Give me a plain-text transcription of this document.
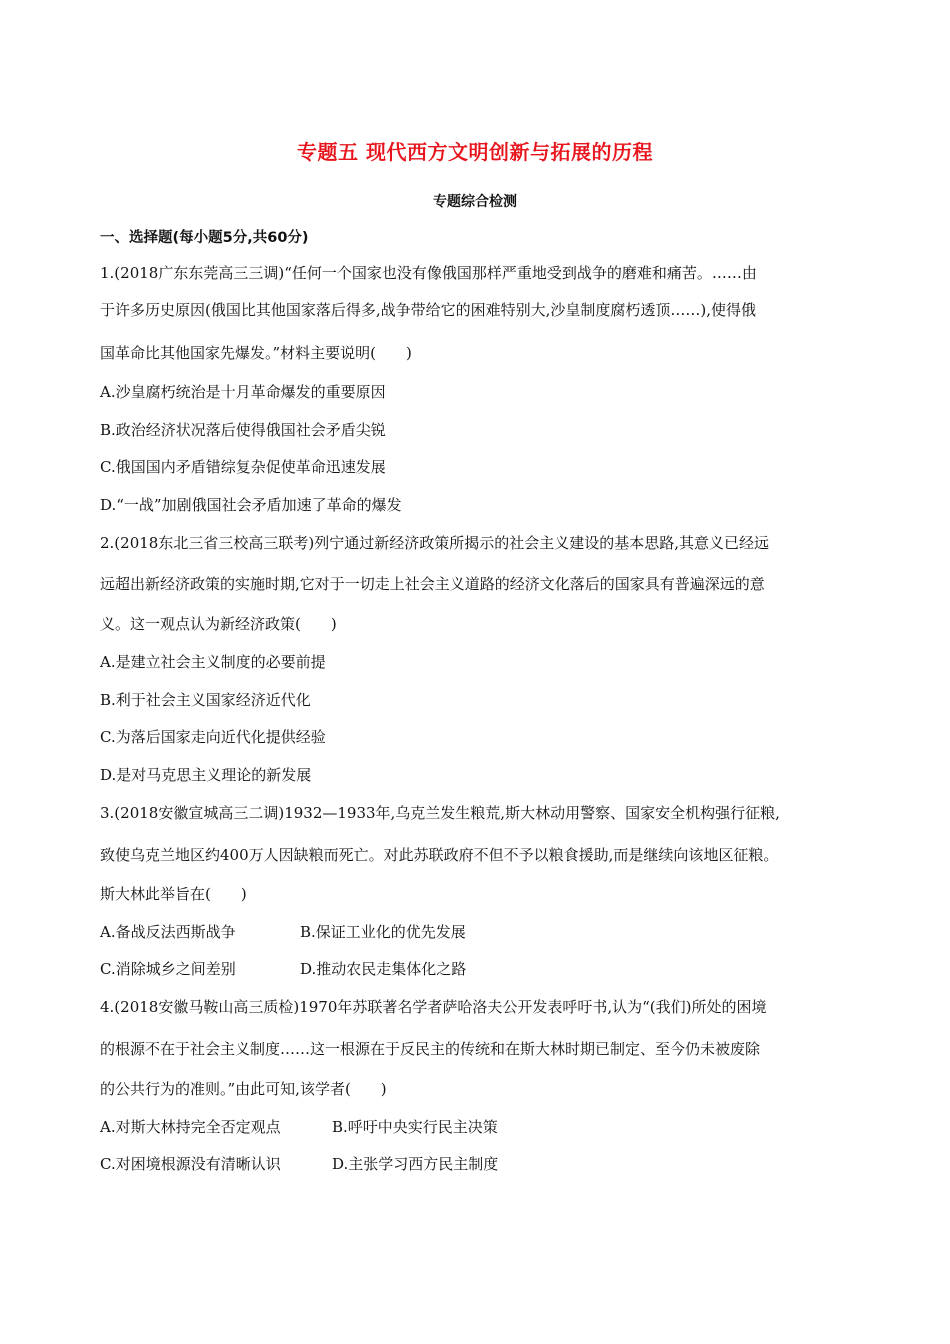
专题五 现代西方文明创新与拓展的历程
专题综合检测
一、选择题(每小题5分,共60分)
1.(2018广东东莞高三三调)“任何一个国家也没有像俄国那样严重地受到战争的磨难和痛苦。……由
于许多历史原因(俄国比其他国家落后得多,战争带给它的困难特别大,沙皇制度腐朽透顶……),使得俄
国革命比其他国家先爆发。”材料主要说明(　　)
A.沙皇腐朽统治是十月革命爆发的重要原因
B.政治经济状况落后使得俄国社会矛盾尖锐
C.俄国国内矛盾错综复杂促使革命迅速发展
D.“一战”加剧俄国社会矛盾加速了革命的爆发
2.(2018东北三省三校高三联考)列宁通过新经济政策所揭示的社会主义建设的基本思路,其意义已经远
远超出新经济政策的实施时期,它对于一切走上社会主义道路的经济文化落后的国家具有普遍深远的意
义。这一观点认为新经济政策(　　)
A.是建立社会主义制度的必要前提
B.利于社会主义国家经济近代化
C.为落后国家走向近代化提供经验
D.是对马克思主义理论的新发展
3.(2018安徽宣城高三二调)1932—1933年,乌克兰发生粮荒,斯大林动用警察、国家安全机构强行征粮,
致使乌克兰地区约400万人因缺粮而死亡。对此苏联政府不但不予以粮食援助,而是继续向该地区征粮。
斯大林此举旨在(　　)
A.备战反法西斯战争	B.保证工业化的优先发展
C.消除城乡之间差别	D.推动农民走集体化之路
4.(2018安徽马鞍山高三质检)1970年苏联著名学者萨哈洛夫公开发表呼吁书,认为“(我们)所处的困境
的根源不在于社会主义制度……这一根源在于反民主的传统和在斯大林时期已制定、至今仍未被废除
的公共行为的准则。”由此可知,该学者(　　)
A.对斯大林持完全否定观点	B.呼吁中央实行民主决策
C.对困境根源没有清晰认识	D.主张学习西方民主制度
